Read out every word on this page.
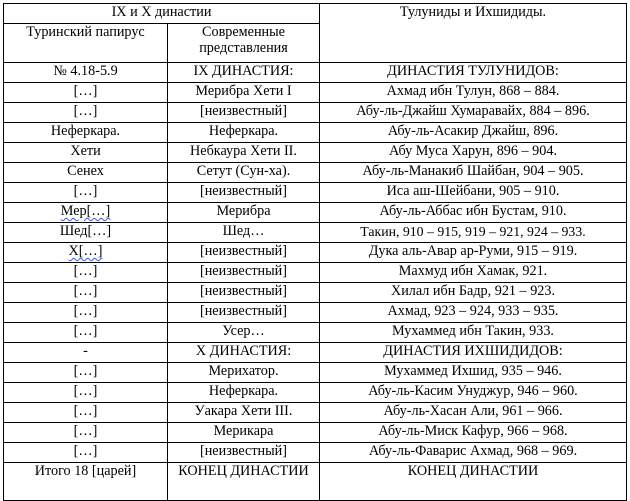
IX и X династии		Тулуниды и Ихшидиды.
Туринский папирус	Современные представления	
№ 4.18-5.9	IX ДИНАСТИЯ:	ДИНАСТИЯ ТУЛУНИДОВ:
[…]	Мерибра Хети I	Ахмад ибн Тулун, 868 – 884.
[…]	[неизвестный]	Абу-ль-Джайш Хумаравайх, 884 – 896.
Неферкара.	Неферкара.	Абу-ль-Асакир Джайш, 896.
Хети	Небкаура Хети II.	Абу Муса Харун, 896 – 904.
Сенех	Сетут (Сун-ха).	Абу-ль-Манакиб Шайбан, 904 – 905.
[…]	[неизвестный]	Иса аш-Шейбани, 905 – 910.
Мер[…]	Мерибра	Абу-ль-Аббас ибн Бустам, 910.
Шед[…]	Шед…	Такин, 910 – 915, 919 – 921, 924 – 933.
Х[…]	[неизвестный]	Дука аль-Авар ар-Руми, 915 – 919.
[…]	[неизвестный]	Махмуд ибн Хамак, 921.
[…]	[неизвестный]	Хилал ибн Бадр, 921 – 923.
[…]	[неизвестный]	Ахмад, 923 – 924, 933 – 935.
[…]	Усер…	Мухаммед ибн Такин, 933.
-	X ДИНАСТИЯ:	ДИНАСТИЯ ИХШИДИДОВ:
[…]	Мерихатор.	Мухаммед Ихшид, 935 – 946.
[…]	Неферкара.	Абу-ль-Касим Унуджур, 946 – 960.
[…]	Уакара Хети III.	Абу-ль-Хасан Али, 961 – 966.
[…]	Мерикара	Абу-ль-Миск Кафур, 966 – 968.
[…]	[неизвестный]	Абу-ль-Фаварис Ахмад, 968 – 969.
Итого 18 [царей]	КОНЕЦ ДИНАСТИИ	КОНЕЦ ДИНАСТИИ
